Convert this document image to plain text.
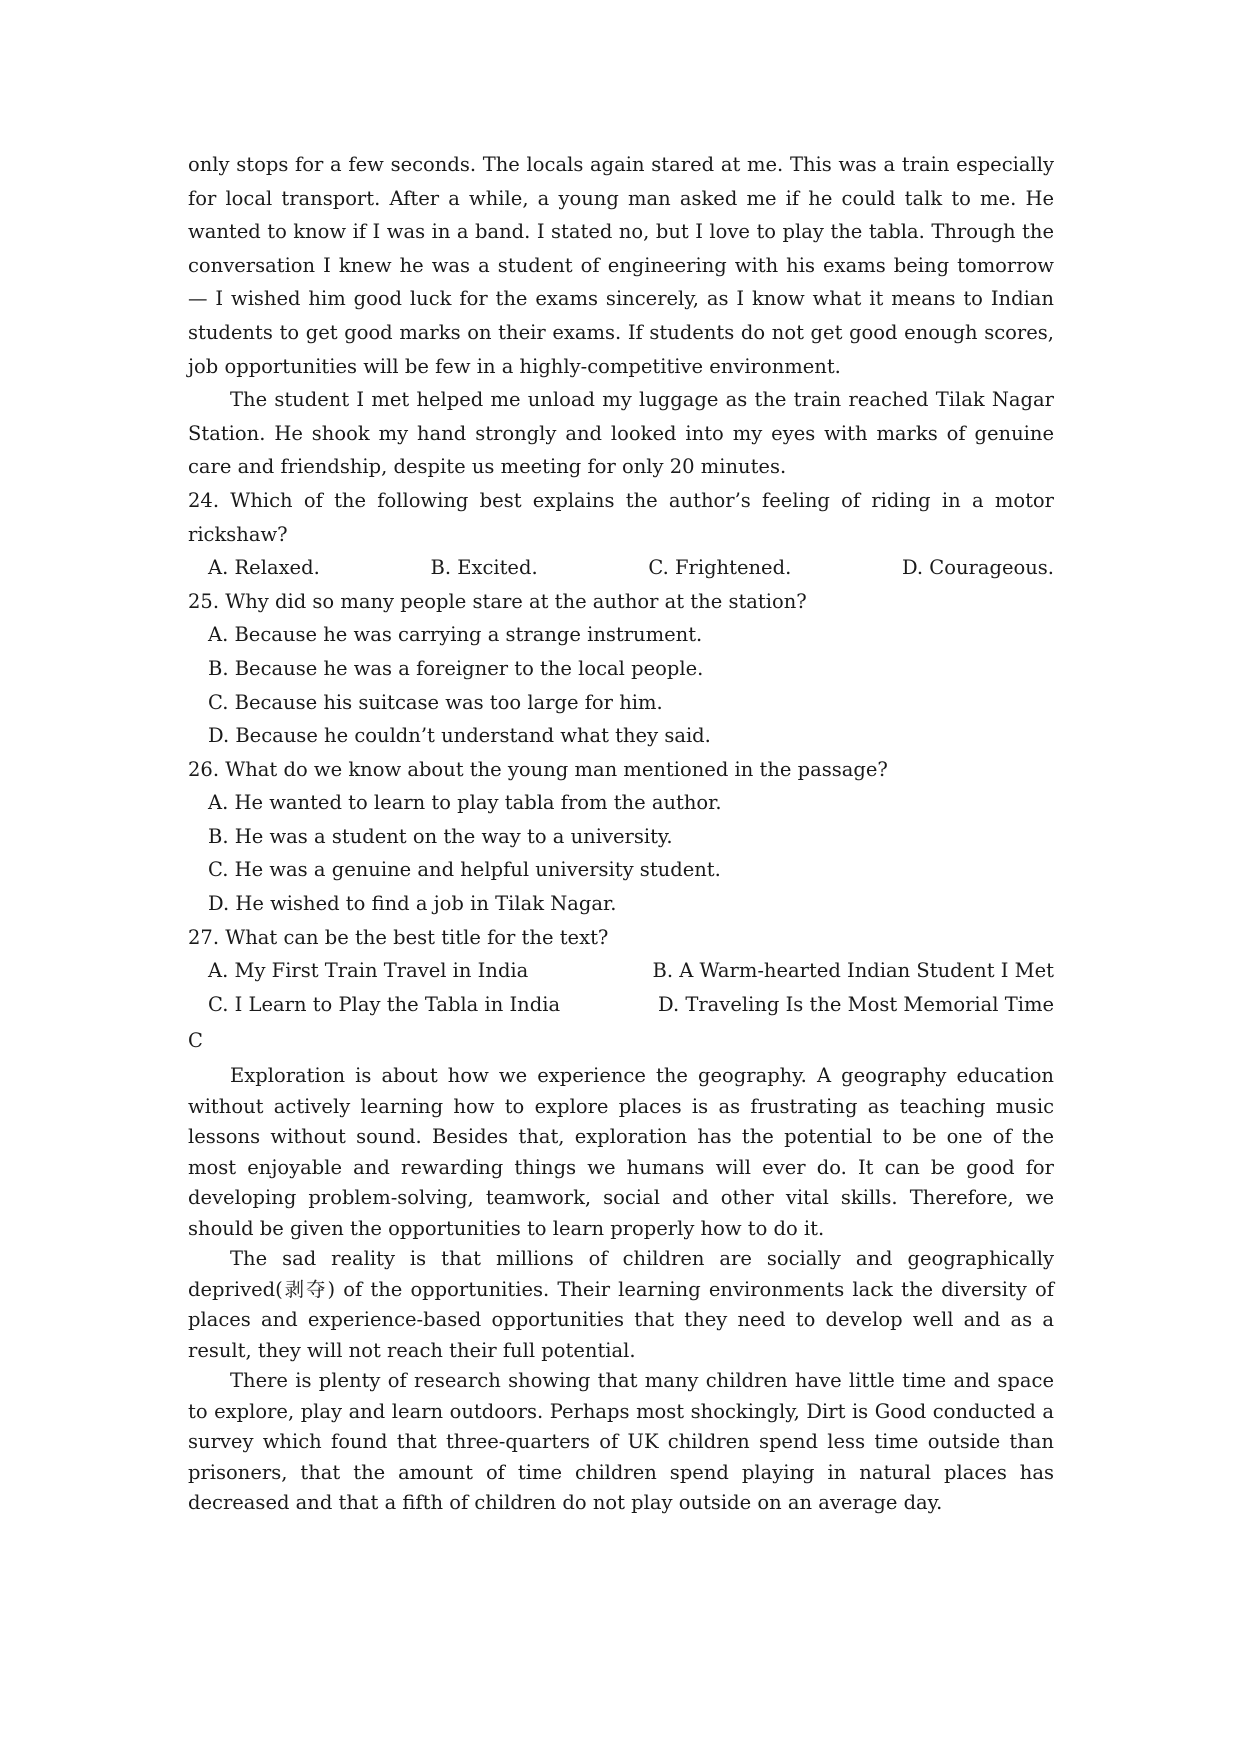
only stops for a few seconds. The locals again stared at me. This was a train especially for local transport. After a while, a young man asked me if he could talk to me. He wanted to know if I was in a band. I stated no, but I love to play the tabla. Through the conversation I knew he was a student of engineering with his exams being tomorrow — I wished him good luck for the exams sincerely, as I know what it means to Indian students to get good marks on their exams. If students do not get good enough scores, job opportunities will be few in a highly-competitive environment.

The student I met helped me unload my luggage as the train reached Tilak Nagar Station. He shook my hand strongly and looked into my eyes with marks of genuine care and friendship, despite us meeting for only 20 minutes.

24. Which of the following best explains the author’s feeling of riding in a motor rickshaw?

A. Relaxed.	B. Excited.	C. Frightened.	D. Courageous.

25. Why did so many people stare at the author at the station?

A. Because he was carrying a strange instrument.

B. Because he was a foreigner to the local people.

C. Because his suitcase was too large for him.

D. Because he couldn’t understand what they said.

26. What do we know about the young man mentioned in the passage?

A. He wanted to learn to play tabla from the author.

B. He was a student on the way to a university.

C. He was a genuine and helpful university student.

D. He wished to find a job in Tilak Nagar.

27. What can be the best title for the text?

A. My First Train Travel in India	B. A Warm-hearted Indian Student I Met
C. I Learn to Play the Tabla in India	D. Traveling Is the Most Memorial Time

C

Exploration is about how we experience the geography. A geography education without actively learning how to explore places is as frustrating as teaching music lessons without sound. Besides that, exploration has the potential to be one of the most enjoyable and rewarding things we humans will ever do. It can be good for developing problem-solving, teamwork, social and other vital skills. Therefore, we should be given the opportunities to learn properly how to do it.

The sad reality is that millions of children are socially and geographically deprived(剥夺) of the opportunities. Their learning environments lack the diversity of places and experience-based opportunities that they need to develop well and as a result, they will not reach their full potential.

There is plenty of research showing that many children have little time and space to explore, play and learn outdoors. Perhaps most shockingly, Dirt is Good conducted a survey which found that three-quarters of UK children spend less time outside than prisoners, that the amount of time children spend playing in natural places has decreased and that a fifth of children do not play outside on an average day.
